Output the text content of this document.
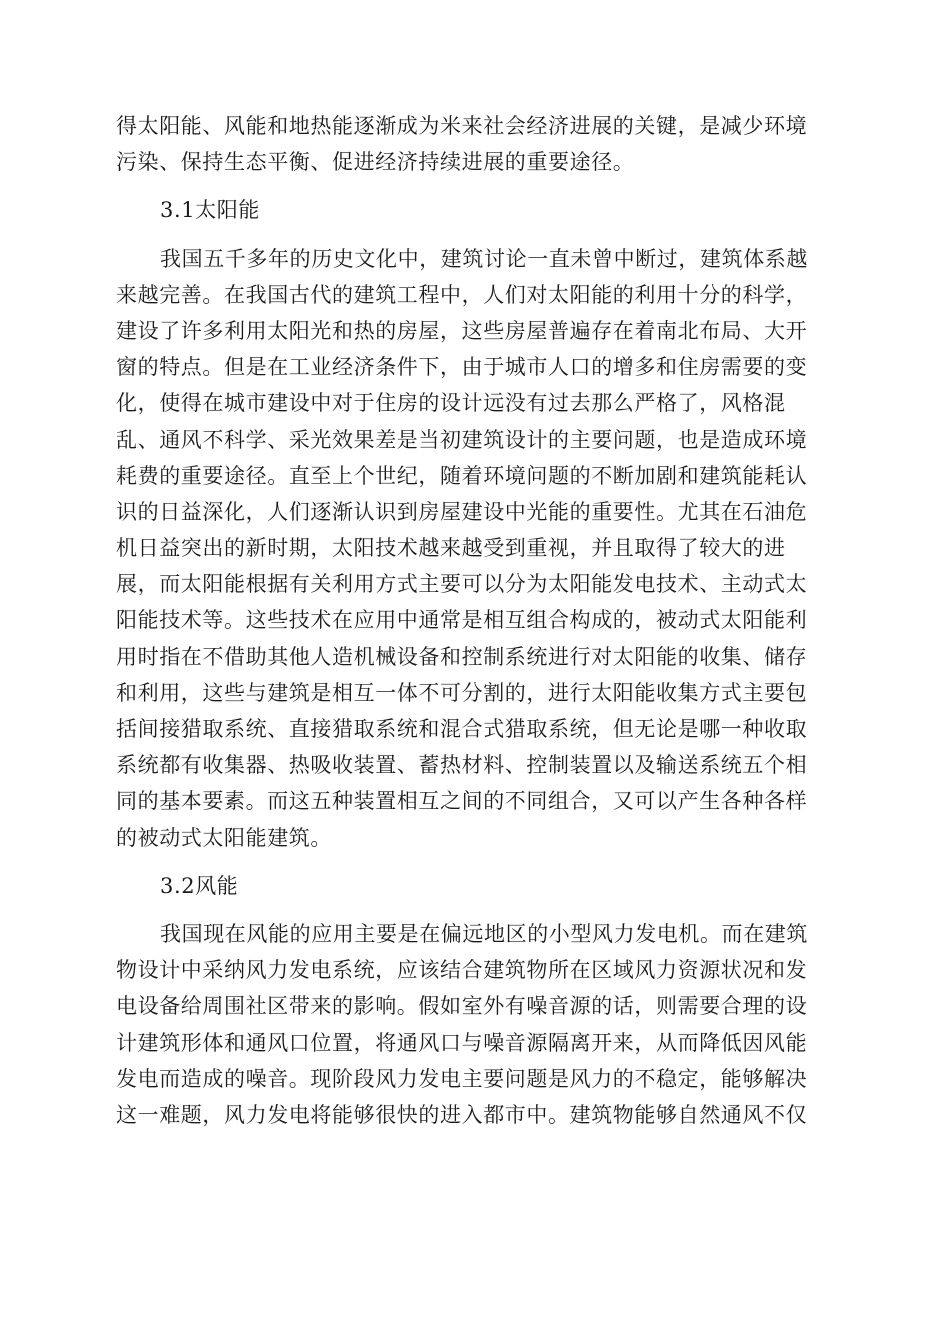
得太阳能、风能和地热能逐渐成为米来社会经济进展的关键，是减少环境
污染、保持生态平衡、促进经济持续进展的重要途径。
3.1太阳能
我国五千多年的历史文化中，建筑讨论一直未曾中断过，建筑体系越
来越完善。在我国古代的建筑工程中，人们对太阳能的利用十分的科学，
建设了许多利用太阳光和热的房屋，这些房屋普遍存在着南北布局、大开
窗的特点。但是在工业经济条件下，由于城市人口的增多和住房需要的变
化，使得在城市建设中对于住房的设计远没有过去那么严格了，风格混
乱、通风不科学、采光效果差是当初建筑设计的主要问题，也是造成环境
耗费的重要途径。直至上个世纪，随着环境问题的不断加剧和建筑能耗认
识的日益深化，人们逐渐认识到房屋建设中光能的重要性。尤其在石油危
机日益突出的新时期，太阳技术越来越受到重视，并且取得了较大的进
展，而太阳能根据有关利用方式主要可以分为太阳能发电技术、主动式太
阳能技术等。这些技术在应用中通常是相互组合构成的，被动式太阳能利
用时指在不借助其他人造机械设备和控制系统进行对太阳能的收集、储存
和利用，这些与建筑是相互一体不可分割的，进行太阳能收集方式主要包
括间接猎取系统、直接猎取系统和混合式猎取系统，但无论是哪一种收取
系统都有收集器、热吸收装置、蓄热材料、控制装置以及输送系统五个相
同的基本要素。而这五种装置相互之间的不同组合，又可以产生各种各样
的被动式太阳能建筑。
3.2风能
我国现在风能的应用主要是在偏远地区的小型风力发电机。而在建筑
物设计中采纳风力发电系统，应该结合建筑物所在区域风力资源状况和发
电设备给周围社区带来的影响。假如室外有噪音源的话，则需要合理的设
计建筑形体和通风口位置，将通风口与噪音源隔离开来，从而降低因风能
发电而造成的噪音。现阶段风力发电主要问题是风力的不稳定，能够解决
这一难题，风力发电将能够很快的进入都市中。建筑物能够自然通风不仅
